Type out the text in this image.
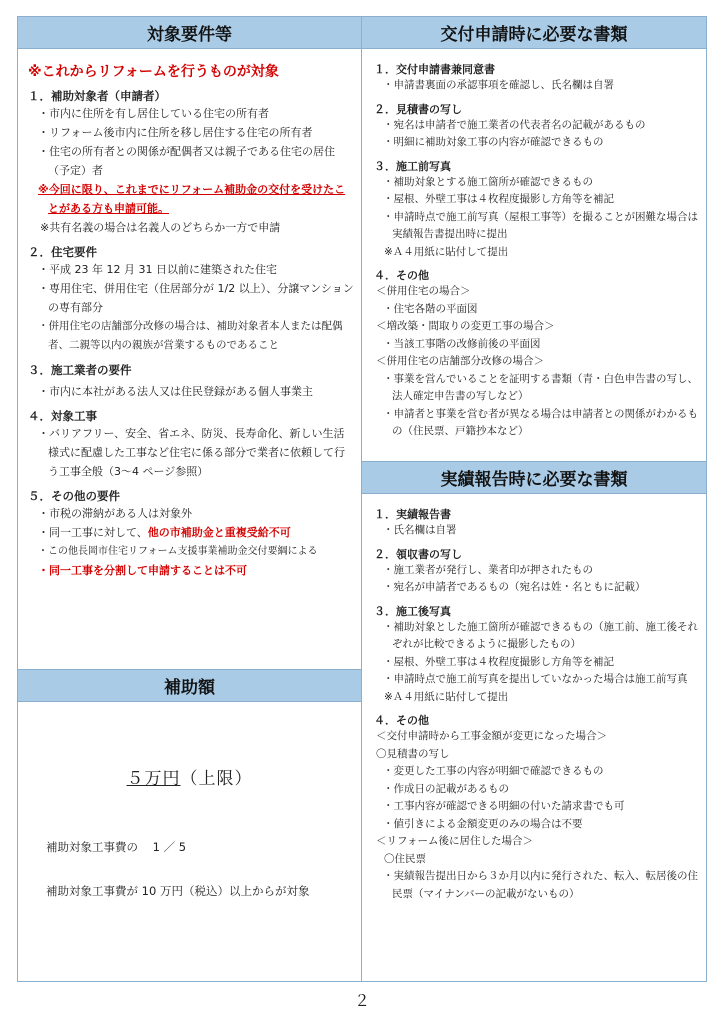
対象要件等
※これからリフォームを行うものが対象
１．補助対象者（申請者）
・市内に住所を有し居住している住宅の所有者
・リフォーム後市内に住所を移し居住する住宅の所有者
・住宅の所有者との関係が配偶者又は親子である住宅の居住（予定）者
※今回に限り、これまでにリフォーム補助金の交付を受けたことがある方も申請可能。
※共有名義の場合は名義人のどちらか一方で申請
２．住宅要件
・平成 23 年 12 月 31 日以前に建築された住宅
・専用住宅、併用住宅（住居部分が 1/2 以上）、分譲マンションの専有部分
・併用住宅の店舗部分改修の場合は、補助対象者本人または配偶者、二親等以内の親族が営業するものであること
３．施工業者の要件
・市内に本社がある法人又は住民登録がある個人事業主
４．対象工事
・バリアフリー、安全、省エネ、防災、長寿命化、新しい生活様式に配慮した工事など住宅に係る部分で業者に依頼して行う工事全般（3～4 ページ参照）
５．その他の要件
・市税の滞納がある人は対象外
・同一工事に対して、他の市補助金と重複受給不可
・この他長岡市住宅リフォーム支援事業補助金交付要綱による
・同一工事を分割して申請することは不可
補助額
５万円（上限）
補助対象工事費の 1 ／ 5
補助対象工事費が 10 万円（税込）以上からが対象
交付申請時に必要な書類
１．交付申請書兼同意書
・申請書裏面の承認事項を確認し、氏名欄は自署
２．見積書の写し
・宛名は申請者で施工業者の代表者名の記載があるもの
・明細に補助対象工事の内容が確認できるもの
３．施工前写真
・補助対象とする施工箇所が確認できるもの
・屋根、外壁工事は４枚程度撮影し方角等を補記
・申請時点で施工前写真（屋根工事等）を撮ることが困難な場合は実績報告書提出時に提出
※Ａ４用紙に貼付して提出
４．その他
＜併用住宅の場合＞
・住宅各階の平面図
＜増改築・間取りの変更工事の場合＞
・当該工事階の改修前後の平面図
＜併用住宅の店舗部分改修の場合＞
・事業を営んでいることを証明する書類（青・白色申告書の写し、法人確定申告書の写しなど）
・申請者と事業を営む者が異なる場合は申請者との関係がわかるもの（住民票、戸籍抄本など）
実績報告時に必要な書類
１．実績報告書
・氏名欄は自署
２．領収書の写し
・施工業者が発行し、業者印が押されたもの
・宛名が申請者であるもの（宛名は姓・名ともに記載）
３．施工後写真
・補助対象とした施工箇所が確認できるもの（施工前、施工後それぞれが比較できるように撮影したもの）
・屋根、外壁工事は４枚程度撮影し方角等を補記
・申請時点で施工前写真を提出していなかった場合は施工前写真
※Ａ４用紙に貼付して提出
４．その他
＜交付申請時から工事金額が変更になった場合＞
〇見積書の写し
・変更した工事の内容が明細で確認できるもの
・作成日の記載があるもの
・工事内容が確認できる明細の付いた請求書でも可
・値引きによる金額変更のみの場合は不要
＜リフォーム後に居住した場合＞
〇住民票
・実績報告提出日から３か月以内に発行された、転入、転居後の住民票（マイナンバーの記載がないもの）
２
